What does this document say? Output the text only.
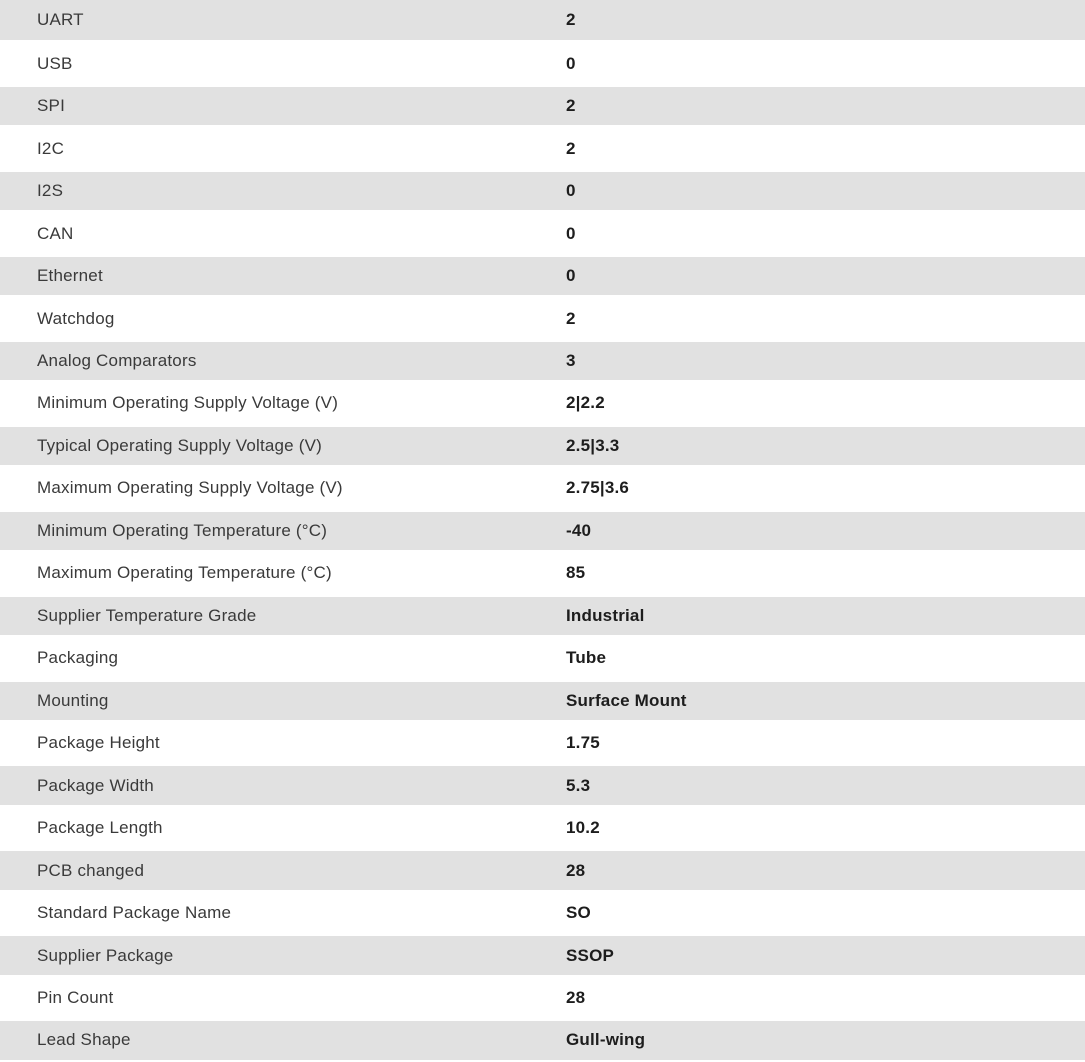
UART	2
USB	0
SPI	2
I2C	2
I2S	0
CAN	0
Ethernet	0
Watchdog	2
Analog Comparators	3
Minimum Operating Supply Voltage (V)	2|2.2
Typical Operating Supply Voltage (V)	2.5|3.3
Maximum Operating Supply Voltage (V)	2.75|3.6
Minimum Operating Temperature (°C)	-40
Maximum Operating Temperature (°C)	85
Supplier Temperature Grade	Industrial
Packaging	Tube
Mounting	Surface Mount
Package Height	1.75
Package Width	5.3
Package Length	10.2
PCB changed	28
Standard Package Name	SO
Supplier Package	SSOP
Pin Count	28
Lead Shape	Gull-wing
